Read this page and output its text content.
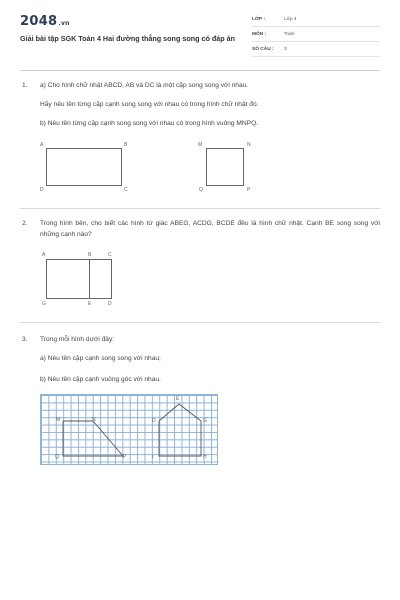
2048.vn
Giải bài tập SGK Toán 4 Hai đường thẳng song song có đáp án
LỚP :	Lớp 4
MÔN :	Toán
SỐ CÂU : 3
1. a) Cho hình chữ nhật ABCD, AB và DC là một cặp song song với nhau.
Hãy nêu tên từng cặp cạnh song song với nhau có trong hình chữ nhật đó.
b) Nêu tên từng cặp cạnh song song với nhau có trong hình vuông MNPQ.
A	B
C
D
M	N
P
Q
2. Trong hình bên, cho biết các hình tứ giác ABEG, ACDG, BCDE đều là hình chữ nhật. Cạnh BE song song với những cạnh nào?
A	B	C
G	E	D
3. Trong mỗi hình dưới đây:
a) Nêu tên cặp cạnh song song với nhau;
b) Nêu tên cặp cạnh vuông góc với nhau.
M	N
Q	P
E
D	G
I	H
